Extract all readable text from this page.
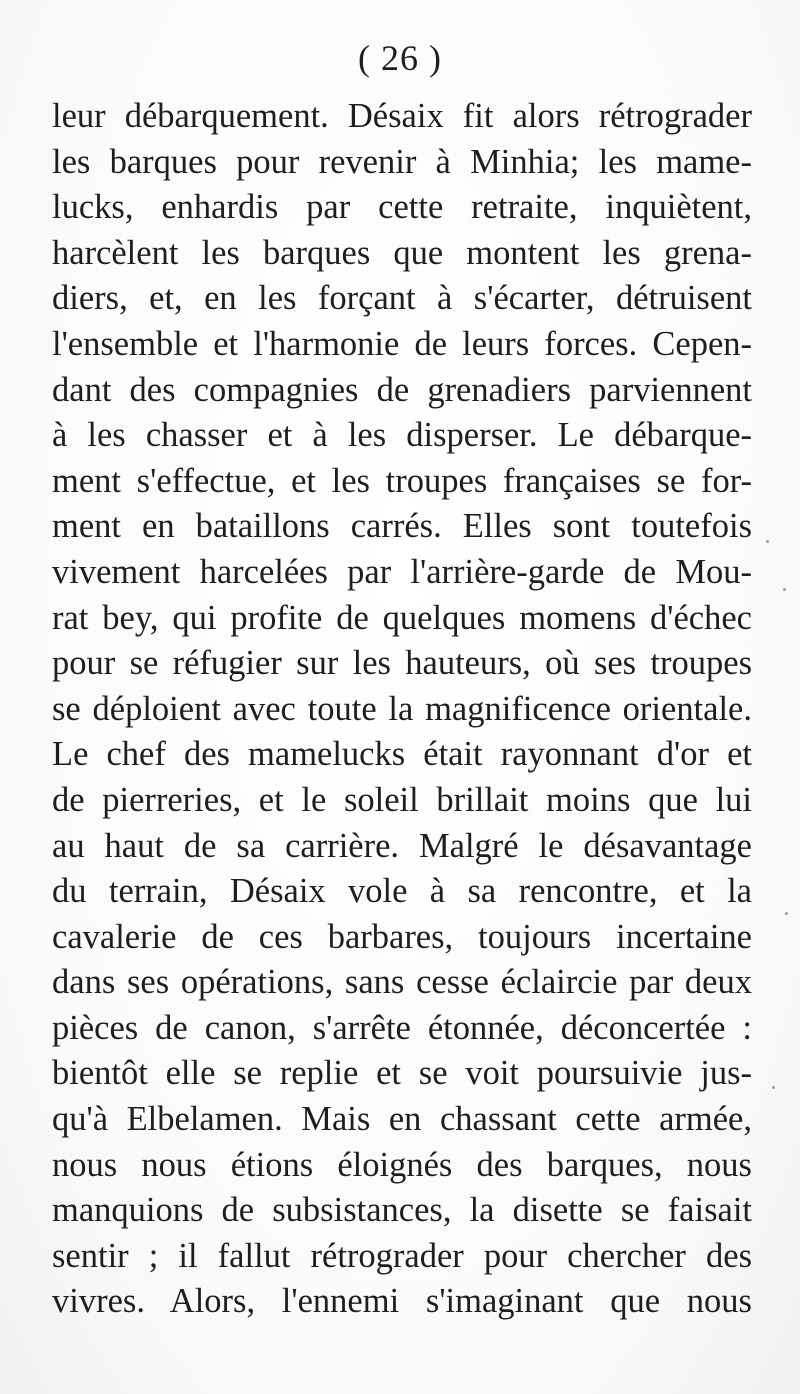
( 26 )
leur débarquement. Désaix fit alors rétrograder
les barques pour revenir à Minhia; les mame-
lucks, enhardis par cette retraite, inquiètent,
harcèlent les barques que montent les grena-
diers, et, en les forçant à s'écarter, détruisent
l'ensemble et l'harmonie de leurs forces. Cepen-
dant des compagnies de grenadiers parviennent
à les chasser et à les disperser. Le débarque-
ment s'effectue, et les troupes françaises se for-
ment en bataillons carrés. Elles sont toutefois
vivement harcelées par l'arrière-garde de Mou-
rat bey, qui profite de quelques momens d'échec
pour se réfugier sur les hauteurs, où ses troupes
se déploient avec toute la magnificence orientale.
Le chef des mamelucks était rayonnant d'or et
de pierreries, et le soleil brillait moins que lui
au haut de sa carrière. Malgré le désavantage
du terrain, Désaix vole à sa rencontre, et la
cavalerie de ces barbares, toujours incertaine
dans ses opérations, sans cesse éclaircie par deux
pièces de canon, s'arrête étonnée, déconcertée :
bientôt elle se replie et se voit poursuivie jus-
qu'à Elbelamen. Mais en chassant cette armée,
nous nous étions éloignés des barques, nous
manquions de subsistances, la disette se faisait
sentir ; il fallut rétrograder pour chercher des
vivres. Alors, l'ennemi s'imaginant que nous
